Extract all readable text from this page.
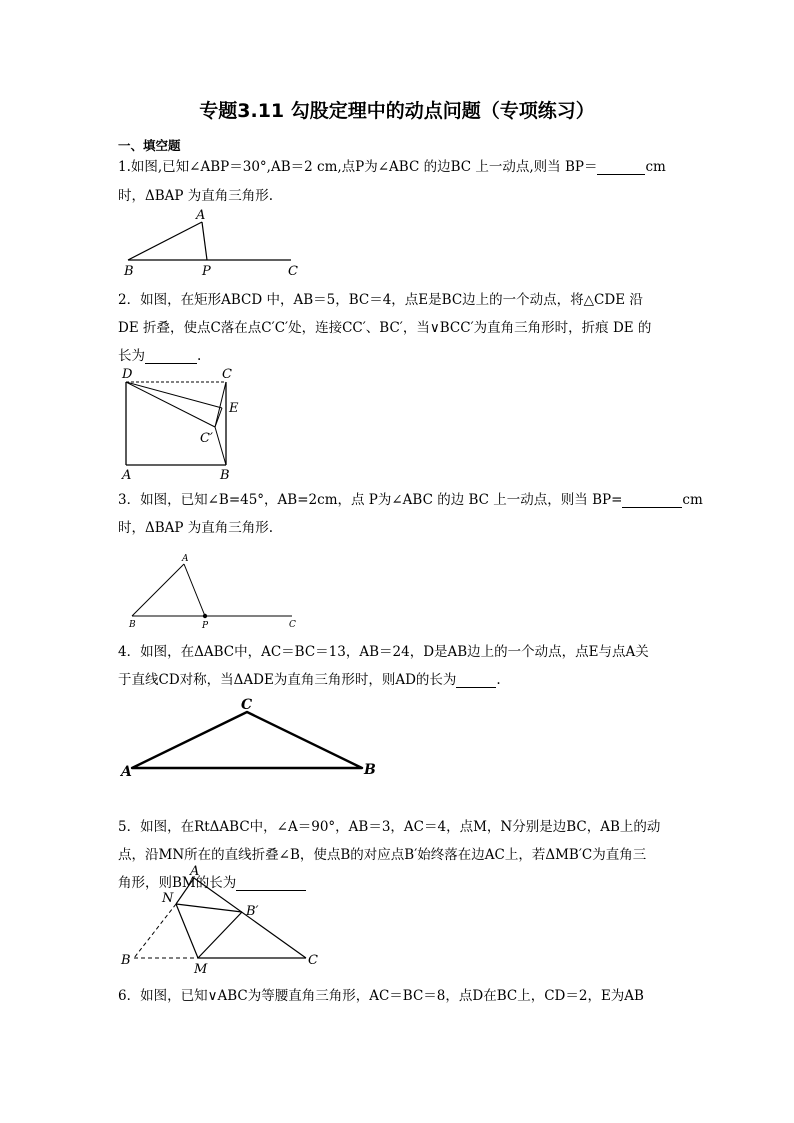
专题3.11 勾股定理中的动点问题（专项练习）
一、填空题
1.如图,已知∠ABP＝30°,AB＝2 cm,点P为∠ABC 的边BC 上一动点,则当 BP＝	cm
时，ΔBAP 为直角三角形.
A
B	P	C
2．如图，在矩形ABCD 中，AB＝5，BC＝4，点E是BC边上的一个动点，将△CDE 沿
DE 折叠，使点C落在点C′C′处，连接CC′、BC′，当∨BCC′为直角三角形时，折痕 DE 的
长为	.
D	C
E
C′
A	B
3．如图，已知∠B=45°，AB=2cm，点 P为∠ABC 的边 BC 上一动点，则当 BP=	cm
时，ΔBAP 为直角三角形.
A
B	P	C
4．如图，在ΔABC中，AC＝BC＝13，AB＝24，D是AB边上的一个动点，点E与点A关
于直线CD对称，当ΔADE为直角三角形时，则AD的长为	.
C
A	B
5．如图，在RtΔABC中，∠A＝90°，AB＝3，AC＝4，点M，N分别是边BC，AB上的动
点，沿MN所在的直线折叠∠B，使点B的对应点B′始终落在边AC上，若ΔMB′C为直角三
角形，则BM的长为
A
N
B′
B
M
C
6．如图，已知∨ABC为等腰直角三角形，AC＝BC＝8，点D在BC上，CD＝2，E为AB
